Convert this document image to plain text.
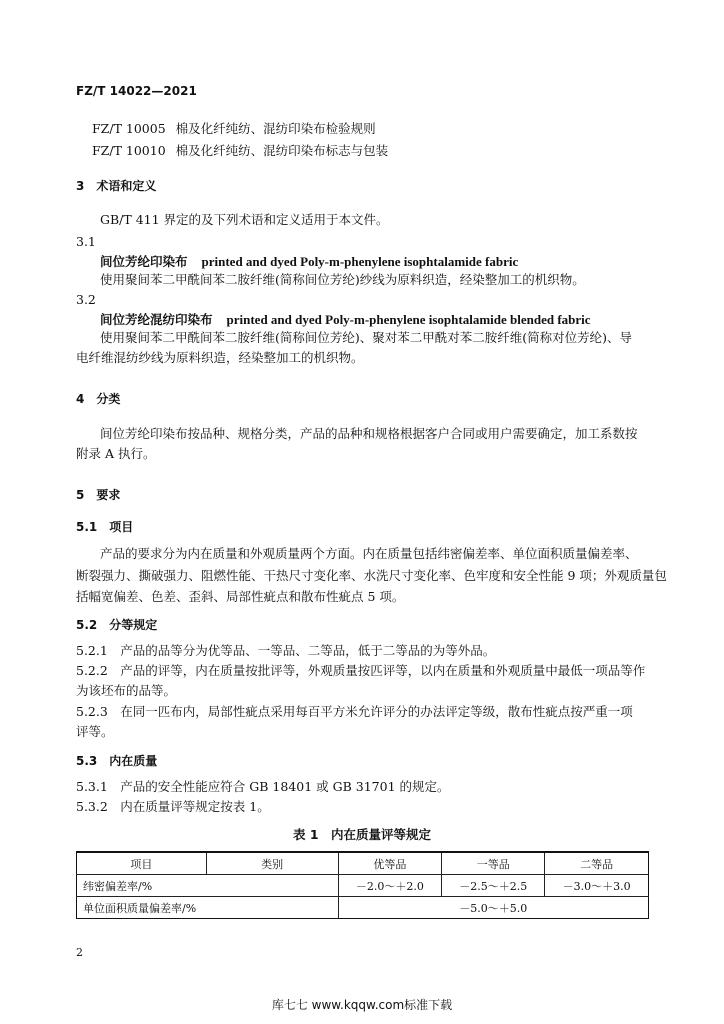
FZ/T 14022—2021
FZ/T 10005 棉及化纤纯纺、混纺印染布检验规则
FZ/T 10010 棉及化纤纯纺、混纺印染布标志与包装
3　术语和定义
GB/T 411 界定的及下列术语和定义适用于本文件。
3.1
间位芳纶印染布 printed and dyed Poly-m-phenylene isophtalamide fabric
使用聚间苯二甲酰间苯二胺纤维(简称间位芳纶)纱线为原料织造，经染整加工的机织物。
3.2
间位芳纶混纺印染布 printed and dyed Poly-m-phenylene isophtalamide blended fabric
使用聚间苯二甲酰间苯二胺纤维(简称间位芳纶)、聚对苯二甲酰对苯二胺纤维(简称对位芳纶)、导
电纤维混纺纱线为原料织造，经染整加工的机织物。
4　分类
间位芳纶印染布按品种、规格分类，产品的品种和规格根据客户合同或用户需要确定，加工系数按
附录 A 执行。
5　要求
5.1　项目
产品的要求分为内在质量和外观质量两个方面。内在质量包括纬密偏差率、单位面积质量偏差率、
断裂强力、撕破强力、阻燃性能、干热尺寸变化率、水洗尺寸变化率、色牢度和安全性能 9 项；外观质量包
括幅宽偏差、色差、歪斜、局部性疵点和散布性疵点 5 项。
5.2　分等规定
5.2.1　产品的品等分为优等品、一等品、二等品，低于二等品的为等外品。
5.2.2　产品的评等，内在质量按批评等，外观质量按匹评等，以内在质量和外观质量中最低一项品等作
为该坯布的品等。
5.2.3　在同一匹布内，局部性疵点采用每百平方米允许评分的办法评定等级，散布性疵点按严重一项
评等。
5.3　内在质量
5.3.1　产品的安全性能应符合 GB 18401 或 GB 31701 的规定。
5.3.2　内在质量评等规定按表 1。
表 1　内在质量评等规定
项目	类别	优等品	一等品	二等品
纬密偏差率/%		－2.0～＋2.0	－2.5～＋2.5	－3.0～＋3.0
单位面积质量偏差率/%		－5.0～＋5.0		
2
库七七 www.kqqw.com标准下载
